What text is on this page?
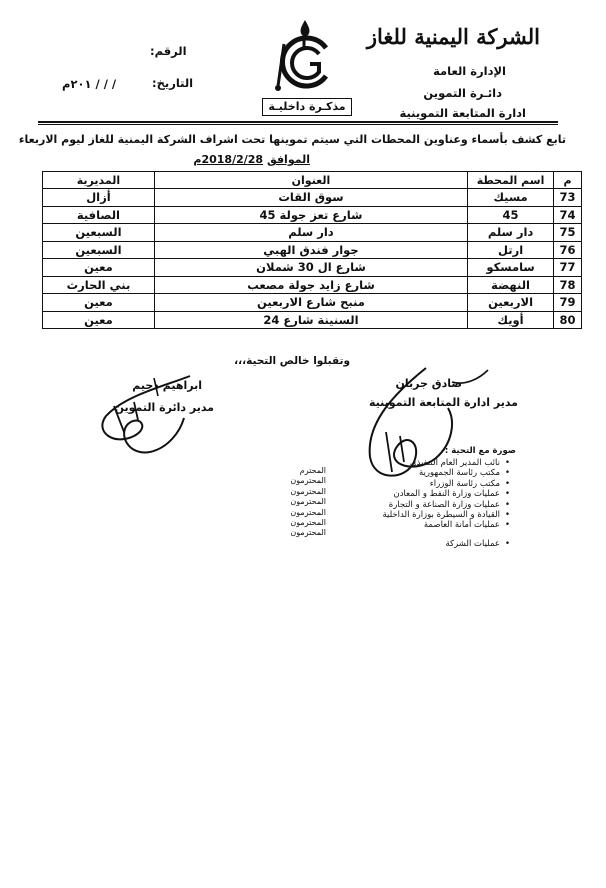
الشركة اليمنية للغاز
الإدارة العامة
دائـرة التموين
ادارة المتابعة التموينية
مذكـرة داخليـة
الرقم:
التاريخ:
٢٠١م / / /
تابع كشف بأسماء وعناوين المحطات التي سيتم تموينها تحت اشراف الشركة اليمنية للغاز ليوم الاربعاء
الموافق 2018/2/28م
م	اسم المحطة	العنوان	المديرية
73	مسيك	سوق القات	أزال
74	45	شارع تعز جولة 45	الصافية
75	دار سلم	دار سلم	السبعين
76	ارتل	جوار فندق الهبي	السبعين
77	سامسكو	شارع ال 30 شملان	معين
78	النهضة	شارع زايد جولة مصعب	بني الحارث
79	الاربعين	منبح شارع الاربعين	معين
80	أويك	السنينة شارع 24	معين
وتقبلوا خالص التحية،،،
صادق جربان
مدير ادارة المتابعة التموينية
ابراهيم دحيم
مدير دائرة التموين
صورة مع التحية :-
• نائب المدير العام التنفيذي
• مكتب رئاسة الجمهورية
• مكتب رئاسة الوزراء
• عمليات وزارة النفط و المعادن
• عمليات وزارة الصناعة و التجارة
• القيادة و السيطرة بوزارة الداخلية
• عمليات أمانة العاصمة
• عمليات الشركة
المحترم
المحترمون
المحترمون
المحترمون
المحترمون
المحترمون
المحترمون
